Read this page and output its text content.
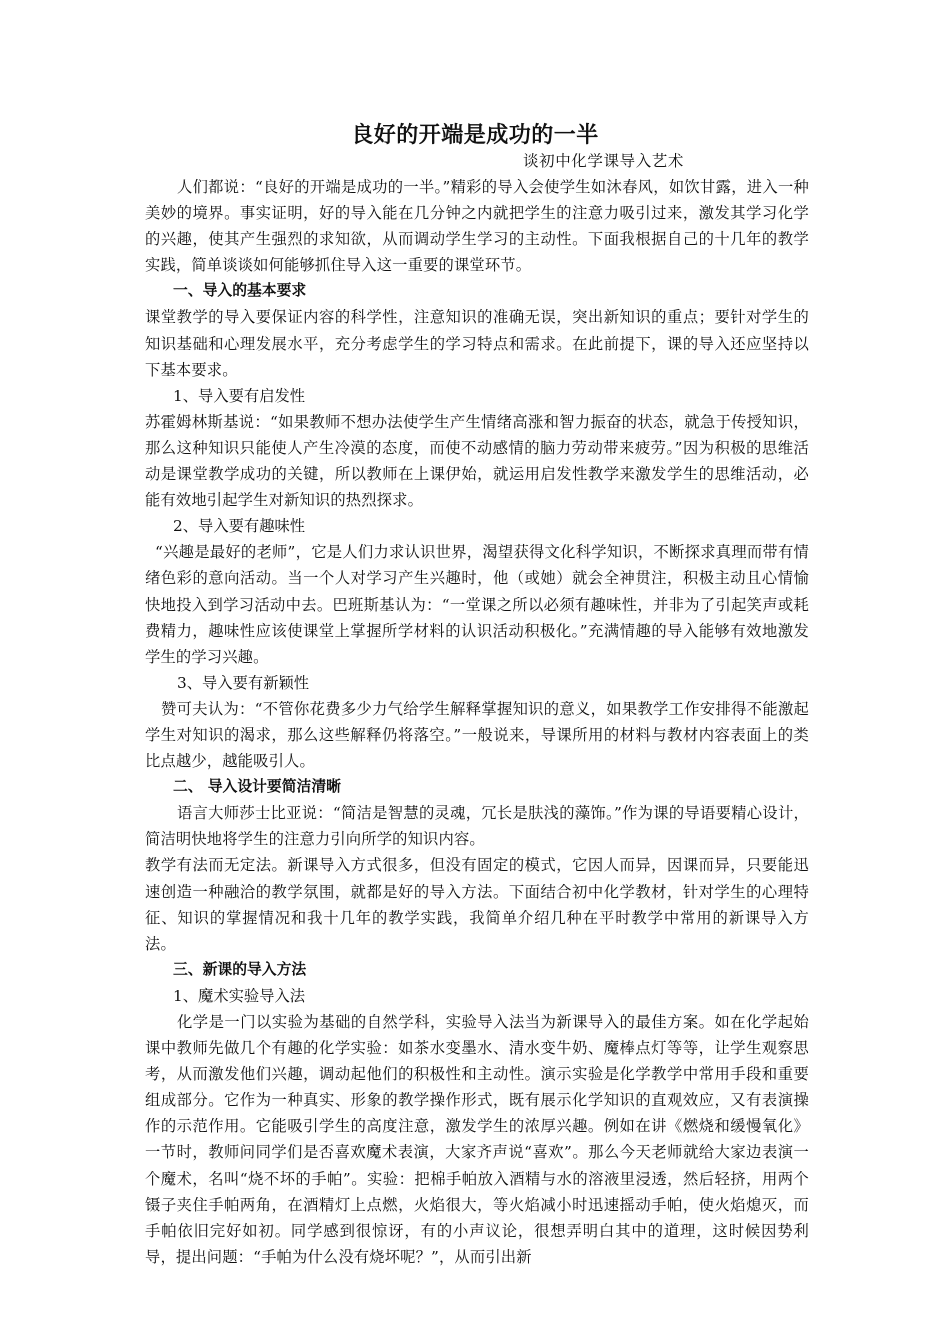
良好的开端是成功的一半
谈初中化学课导入艺术

人们都说：“良好的开端是成功的一半。”精彩的导入会使学生如沐春风，如饮甘露，进入一种美妙的境界。事实证明，好的导入能在几分钟之内就把学生的注意力吸引过来，激发其学习化学的兴趣，使其产生强烈的求知欲，从而调动学生学习的主动性。下面我根据自己的十几年的教学实践，简单谈谈如何能够抓住导入这一重要的课堂环节。

一、导入的基本要求

课堂教学的导入要保证内容的科学性，注意知识的准确无误，突出新知识的重点；要针对学生的知识基础和心理发展水平，充分考虑学生的学习特点和需求。在此前提下，课的导入还应坚持以下基本要求。

1、导入要有启发性

苏霍姆林斯基说：“如果教师不想办法使学生产生情绪高涨和智力振奋的状态，就急于传授知识，那么这种知识只能使人产生冷漠的态度，而使不动感情的脑力劳动带来疲劳。”因为积极的思维活动是课堂教学成功的关键，所以教师在上课伊始，就运用启发性教学来激发学生的思维活动，必能有效地引起学生对新知识的热烈探求。

2、导入要有趣味性

“兴趣是最好的老师”，它是人们力求认识世界，渴望获得文化科学知识，不断探求真理而带有情绪色彩的意向活动。当一个人对学习产生兴趣时，他（或她）就会全神贯注，积极主动且心情愉快地投入到学习活动中去。巴班斯基认为：“一堂课之所以必须有趣味性，并非为了引起笑声或耗费精力，趣味性应该使课堂上掌握所学材料的认识活动积极化。”充满情趣的导入能够有效地激发学生的学习兴趣。

3、导入要有新颖性

赞可夫认为：“不管你花费多少力气给学生解释掌握知识的意义，如果教学工作安排得不能激起学生对知识的渴求，那么这些解释仍将落空。”一般说来，导课所用的材料与教材内容表面上的类比点越少，越能吸引人。

二、 导入设计要简洁清晰

语言大师莎士比亚说：“简洁是智慧的灵魂，冗长是肤浅的藻饰。”作为课的导语要精心设计，简洁明快地将学生的注意力引向所学的知识内容。

教学有法而无定法。新课导入方式很多，但没有固定的模式，它因人而异，因课而异，只要能迅速创造一种融洽的教学氛围，就都是好的导入方法。下面结合初中化学教材，针对学生的心理特征、知识的掌握情况和我十几年的教学实践，我简单介绍几种在平时教学中常用的新课导入方法。

三、新课的导入方法

1、魔术实验导入法

化学是一门以实验为基础的自然学科，实验导入法当为新课导入的最佳方案。如在化学起始课中教师先做几个有趣的化学实验：如茶水变墨水、清水变牛奶、魔棒点灯等等，让学生观察思考，从而激发他们兴趣，调动起他们的积极性和主动性。演示实验是化学教学中常用手段和重要组成部分。它作为一种真实、形象的教学操作形式，既有展示化学知识的直观效应，又有表演操作的示范作用。它能吸引学生的高度注意，激发学生的浓厚兴趣。例如在讲《燃烧和缓慢氧化》一节时，教师问同学们是否喜欢魔术表演，大家齐声说“喜欢”。那么今天老师就给大家边表演一个魔术，名叫“烧不坏的手帕”。实验：把棉手帕放入酒精与水的溶液里浸透，然后轻挤，用两个镊子夹住手帕两角，在酒精灯上点燃，火焰很大，等火焰减小时迅速摇动手帕，使火焰熄灭，而手帕依旧完好如初。同学感到很惊讶，有的小声议论，很想弄明白其中的道理，这时候因势利导，提出问题：“手帕为什么没有烧坏呢？”，从而引出新
